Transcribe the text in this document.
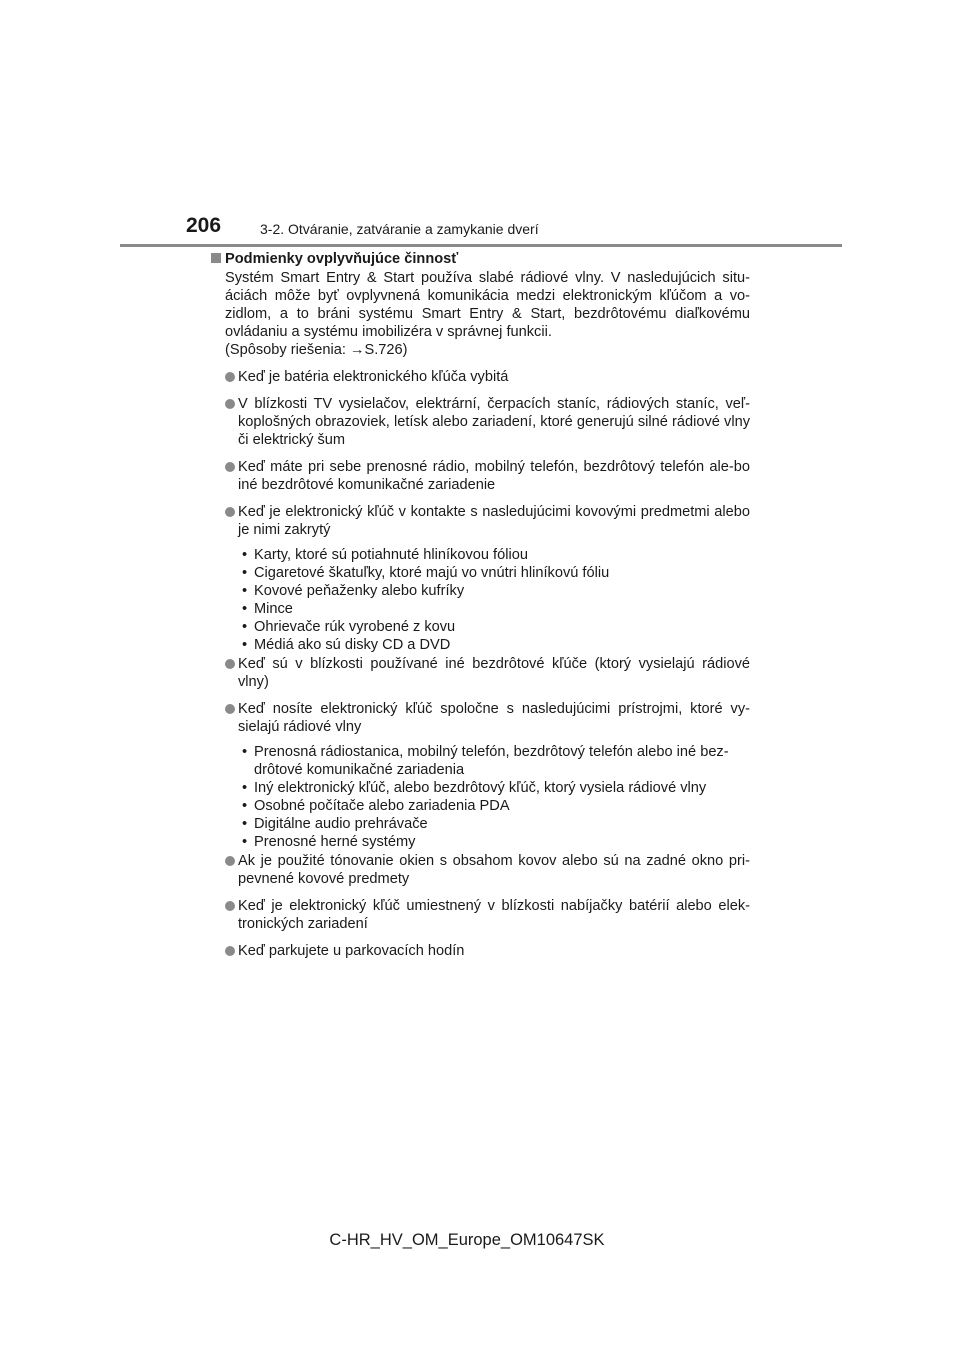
206	3-2. Otváranie, zatváranie a zamykanie dverí
Podmienky ovplyvňujúce činnosť
Systém Smart Entry & Start používa slabé rádiové vlny. V nasledujúcich situ-áciách môže byť ovplyvnená komunikácia medzi elektronickým kľúčom a vo-zidlom, a to bráni systému Smart Entry & Start, bezdrôtovému diaľkovému ovládaniu a systému imobilizéra v správnej funkcii.
(Spôsoby riešenia: →S.726)
Keď je batéria elektronického kľúča vybitá
V blízkosti TV vysielačov, elektrární, čerpacích staníc, rádiových staníc, veľ-koplošných obrazoviek, letísk alebo zariadení, ktoré generujú silné rádiové vlny či elektrický šum
Keď máte pri sebe prenosné rádio, mobilný telefón, bezdrôtový telefón ale-bo iné bezdrôtové komunikačné zariadenie
Keď je elektronický kľúč v kontakte s nasledujúcimi kovovými predmetmi alebo je nimi zakrytý
• Karty, ktoré sú potiahnuté hliníkovou fóliou
• Cigaretové škatuľky, ktoré majú vo vnútri hliníkovú fóliu
• Kovové peňaženky alebo kufríky
• Mince
• Ohrievače rúk vyrobené z kovu
• Médiá ako sú disky CD a DVD
Keď sú v blízkosti používané iné bezdrôtové kľúče (ktorý vysielajú rádiové vlny)
Keď nosíte elektronický kľúč spoločne s nasledujúcimi prístrojmi, ktoré vy-sielajú rádiové vlny
• Prenosná rádiostanica, mobilný telefón, bezdrôtový telefón alebo iné bez-drôtové komunikačné zariadenia
• Iný elektronický kľúč, alebo bezdrôtový kľúč, ktorý vysiela rádiové vlny
• Osobné počítače alebo zariadenia PDA
• Digitálne audio prehrávače
• Prenosné herné systémy
Ak je použité tónovanie okien s obsahom kovov alebo sú na zadné okno pri-pevnené kovové predmety
Keď je elektronický kľúč umiestnený v blízkosti nabíjačky batérií alebo elek-tronických zariadení
Keď parkujete u parkovacích hodín
C-HR_HV_OM_Europe_OM10647SK
